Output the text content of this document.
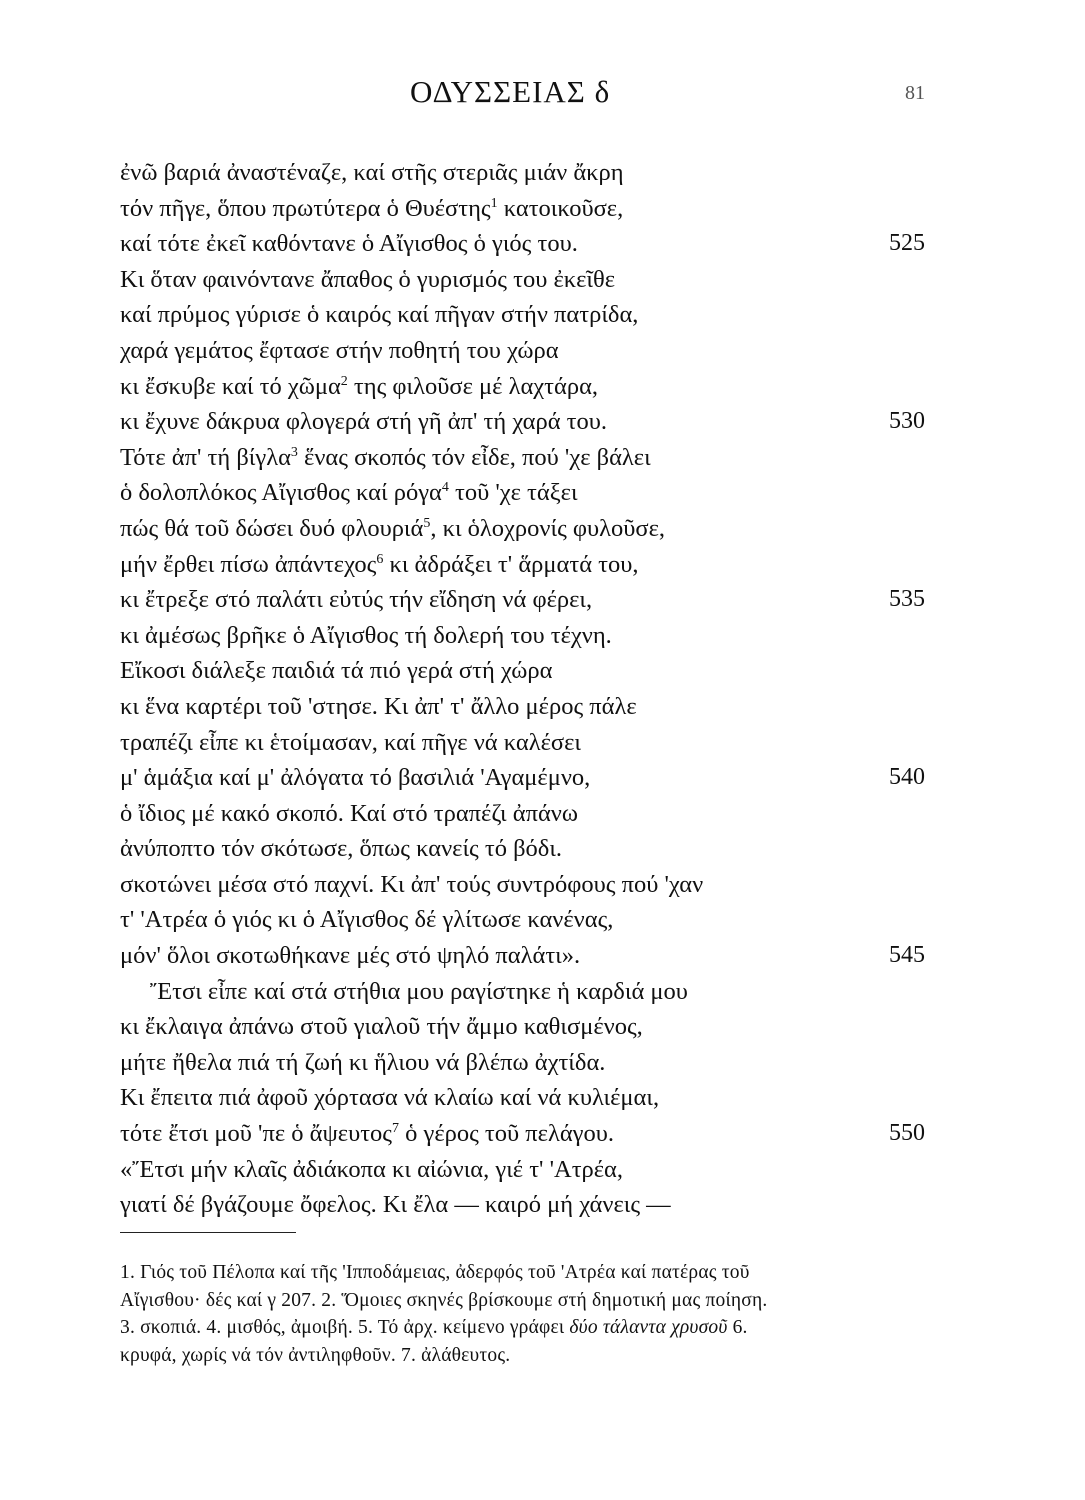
ΟΔΥΣΣΕΙΑΣ δ	81
ἐνῶ βαριά ἀναστέναζε, καί στῆς στεριᾶς μιάν ἄκρη
τόν πῆγε, ὅπου πρωτύτερα ὁ Θυέστης$^1$ κατοικοῦσε,
καί τότε ἐκεῖ καθόντανε ὁ Αἴγισθος ὁ γιός του.	525
Κι ὅταν φαινόντανε ἄπαθος ὁ γυρισμός του ἐκεῖθε
καί πρύμος γύρισε ὁ καιρός καί πῆγαν στήν πατρίδα,
χαρά γεμάτος ἔφτασε στήν ποθητή του χώρα
κι ἔσκυβε καί τό χῶμα$^2$ της φιλοῦσε μέ λαχτάρα,
κι ἔχυνε δάκρυα φλογερά στή γῆ ἀπ' τή χαρά του.	530
Τότε ἀπ' τή βίγλα$^3$ ἕνας σκοπός τόν εἶδε, πού 'χε βάλει
ὁ δολοπλόκος Αἴγισθος καί ρόγα$^4$ τοῦ 'χε τάξει
πώς θά τοῦ δώσει δυό φλουριά$^5$, κι ὁλοχρονίς φυλοῦσε,
μήν ἔρθει πίσω ἀπάντεχος$^6$ κι ἀδράξει τ' ἅρματά του,
κι ἔτρεξε στό παλάτι εὐτύς τήν εἴδηση νά φέρει,	535
κι ἀμέσως βρῆκε ὁ Αἴγισθος τή δολερή του τέχνη.
Εἴκοσι διάλεξε παιδιά τά πιό γερά στή χώρα
κι ἕνα καρτέρι τοῦ 'στησε. Κι ἀπ' τ' ἄλλο μέρος πάλε
τραπέζι εἶπε κι ἑτοίμασαν, καί πῆγε νά καλέσει
μ' ἁμάξια καί μ' ἀλόγατα τό βασιλιά 'Αγαμέμνο,	540
ὁ ἴδιος μέ κακό σκοπό. Καί στό τραπέζι ἀπάνω
ἀνύποπτο τόν σκότωσε, ὅπως κανείς τό βόδι.
σκοτώνει μέσα στό παχνί. Κι ἀπ' τούς συντρόφους πού 'χαν
τ' 'Ατρέα ὁ γιός κι ὁ Αἴγισθος δέ γλίτωσε κανένας,
μόν' ὅλοι σκοτωθήκανε μές στό ψηλό παλάτι».	545
Ἔτσι εἶπε καί στά στήθια μου ραγίστηκε ἡ καρδιά μου
κι ἔκλαιγα ἀπάνω στοῦ γιαλοῦ τήν ἄμμο καθισμένος,
μήτε ἤθελα πιά τή ζωή κι ἥλιου νά βλέπω ἀχτίδα.
Κι ἔπειτα πιά ἀφοῦ χόρτασα νά κλαίω καί νά κυλιέμαι,
τότε ἔτσι μοῦ 'πε ὁ ἄψευτος$^7$ ὁ γέρος τοῦ πελάγου.	550
«Ἔτσι μήν κλαῖς ἀδιάκοπα κι αἰώνια, γιέ τ' 'Ατρέα,
γιατί δέ βγάζουμε ὄφελος. Κι ἔλα — καιρό μή χάνεις —
1. Γιός τοῦ Πέλοπα καί τῆς 'Ιπποδάμειας, ἀδερφός τοῦ 'Ατρέα καί πατέρας τοῦ
Αἴγισθου· δές καί γ 207. 2. Ὅμοιες σκηνές βρίσκουμε στή δημοτική μας ποίηση.
3. σκοπιά. 4. μισθός, ἀμοιβή. 5. Τό ἀρχ. κείμενο γράφει δύο τάλαντα χρυσοῦ 6.
κρυφά, χωρίς νά τόν ἀντιληφθοῦν. 7. ἀλάθευτος.
